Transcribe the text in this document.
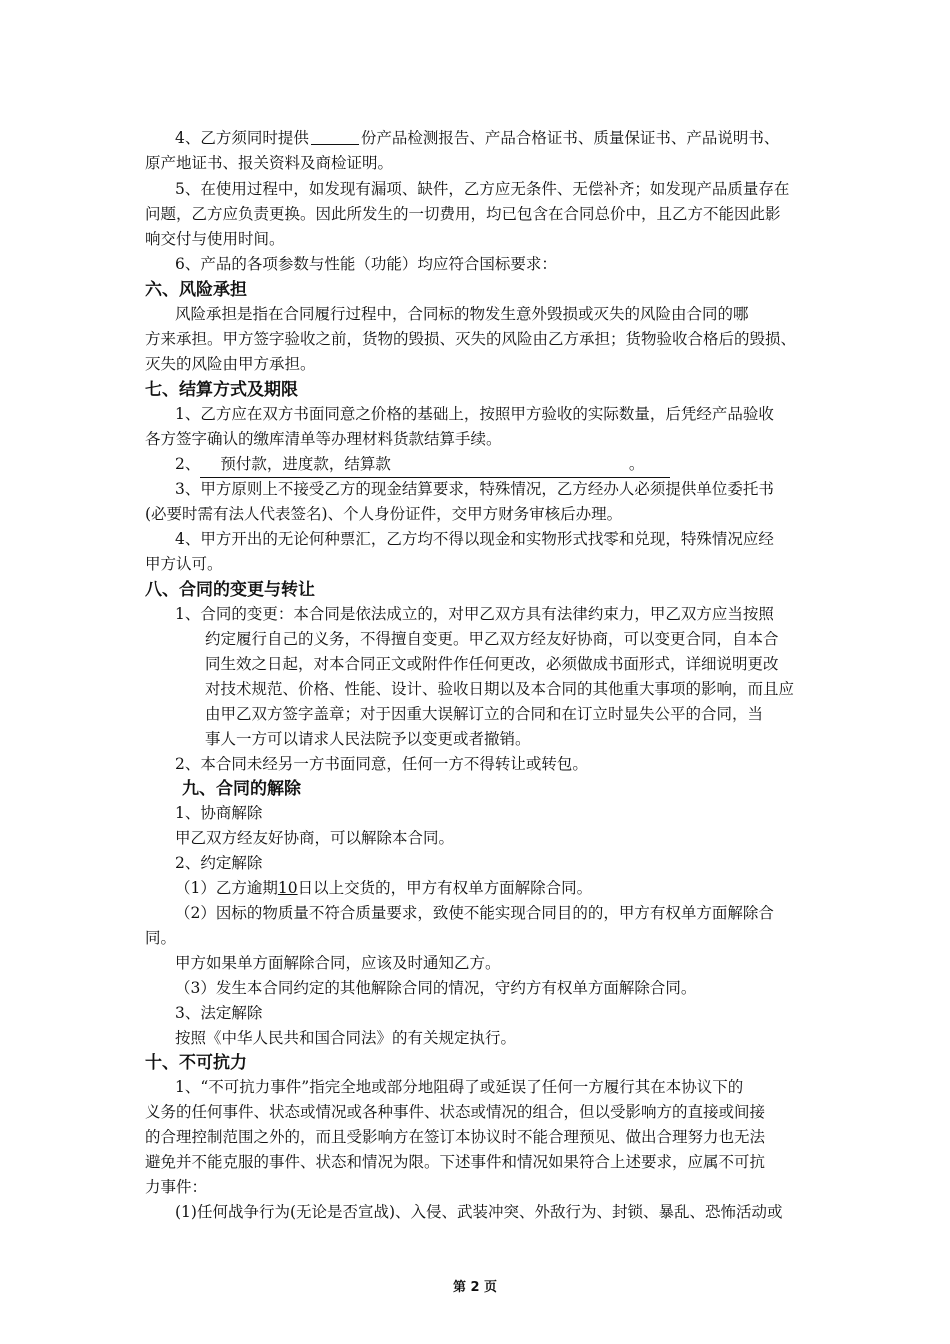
4、乙方须同时提供	份产品检测报告、产品合格证书、质量保证书、产品说明书、
原产地证书、报关资料及商检证明。
5、在使用过程中，如发现有漏项、缺件，乙方应无条件、无偿补齐；如发现产品质量存在
问题，乙方应负责更换。因此所发生的一切费用，均已包含在合同总价中，且乙方不能因此影
响交付与使用时间。
6、产品的各项参数与性能（功能）均应符合国标要求：
六、风险承担
风险承担是指在合同履行过程中，合同标的物发生意外毁损或灭失的风险由合同的哪
方来承担。甲方签字验收之前，货物的毁损、灭失的风险由乙方承担；货物验收合格后的毁损、
灭失的风险由甲方承担。
七、结算方式及期限
1、乙方应在双方书面同意之价格的基础上，按照甲方验收的实际数量，后凭经产品验收
各方签字确认的缴库清单等办理材料货款结算手续。
2、 预付款，进度款，结算款	。
3、甲方原则上不接受乙方的现金结算要求，特殊情况，乙方经办人必须提供单位委托书
(必要时需有法人代表签名)、个人身份证件，交甲方财务审核后办理。
4、甲方开出的无论何种票汇，乙方均不得以现金和实物形式找零和兑现，特殊情况应经
甲方认可。
八、合同的变更与转让
1、合同的变更：本合同是依法成立的，对甲乙双方具有法律约束力，甲乙双方应当按照
约定履行自己的义务，不得擅自变更。甲乙双方经友好协商，可以变更合同，自本合
同生效之日起，对本合同正文或附件作任何更改，必须做成书面形式，详细说明更改
对技术规范、价格、性能、设计、验收日期以及本合同的其他重大事项的影响，而且应
由甲乙双方签字盖章；对于因重大误解订立的合同和在订立时显失公平的合同，当
事人一方可以请求人民法院予以变更或者撤销。
2、本合同未经另一方书面同意，任何一方不得转让或转包。
九、合同的解除
1、协商解除
甲乙双方经友好协商，可以解除本合同。
2、约定解除
（1）乙方逾期10日以上交货的，甲方有权单方面解除合同。
（2）因标的物质量不符合质量要求，致使不能实现合同目的的，甲方有权单方面解除合
同。
甲方如果单方面解除合同，应该及时通知乙方。
（3）发生本合同约定的其他解除合同的情况，守约方有权单方面解除合同。
3、法定解除
按照《中华人民共和国合同法》的有关规定执行。
十、不可抗力
1、“不可抗力事件”指完全地或部分地阻碍了或延误了任何一方履行其在本协议下的
义务的任何事件、状态或情况或各种事件、状态或情况的组合，但以受影响方的直接或间接
的合理控制范围之外的，而且受影响方在签订本协议时不能合理预见、做出合理努力也无法
避免并不能克服的事件、状态和情况为限。下述事件和情况如果符合上述要求，应属不可抗
力事件：
(1)任何战争行为(无论是否宣战)、入侵、武装冲突、外敌行为、封锁、暴乱、恐怖活动或
第 2 页
